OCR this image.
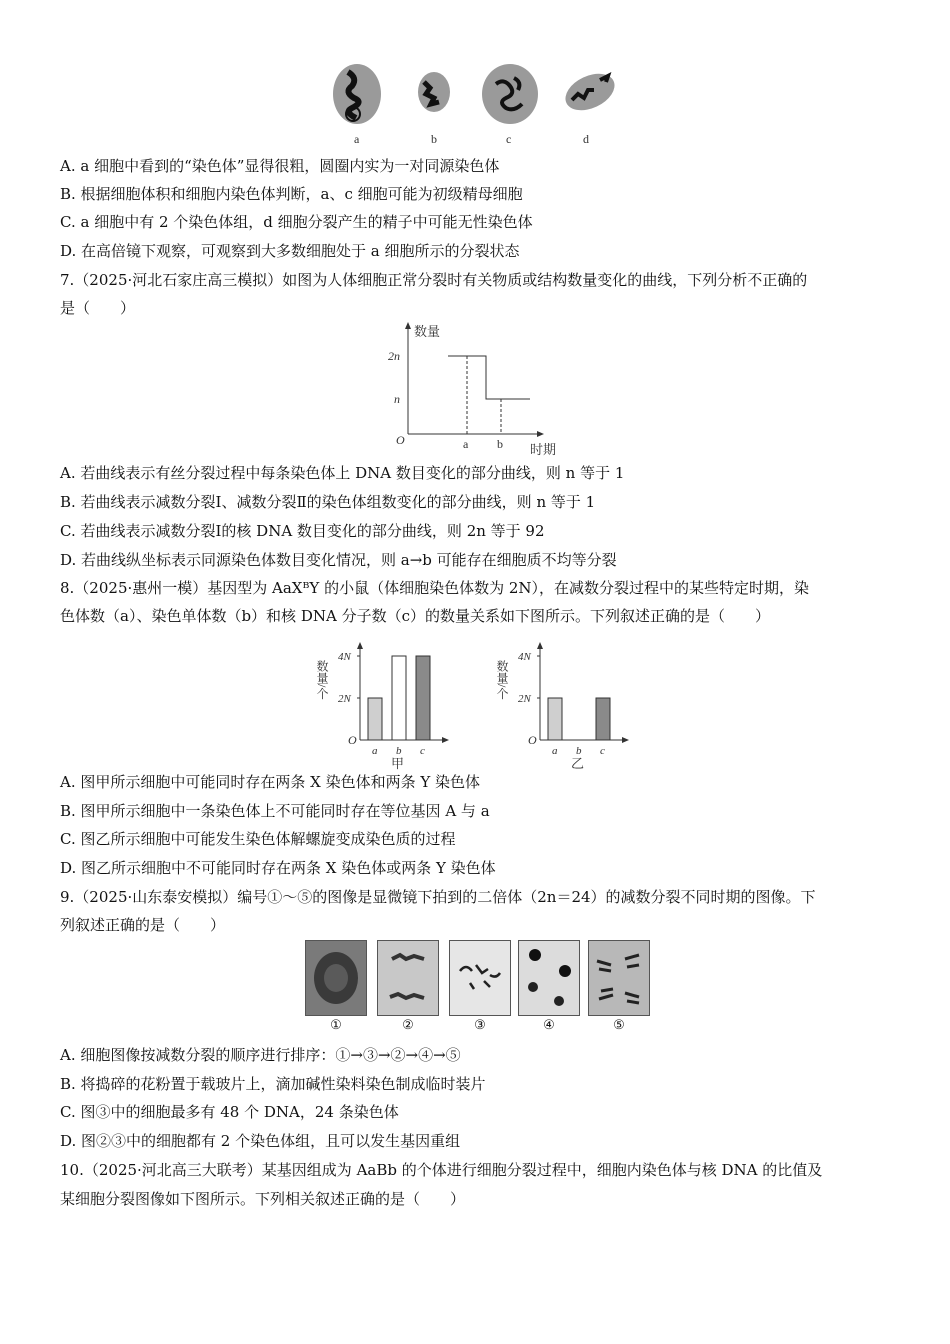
a	b	c	d
A. a 细胞中看到的“染色体”显得很粗，圆圈内实为一对同源染色体
B. 根据细胞体积和细胞内染色体判断，a、c 细胞可能为初级精母细胞
C. a 细胞中有 2 个染色体组，d 细胞分裂产生的精子中可能无性染色体
D. 在高倍镜下观察，可观察到大多数细胞处于 a 细胞所示的分裂状态
7.（2025·河北石家庄高三模拟）如图为人体细胞正常分裂时有关物质或结构数量变化的曲线，下列分析不正确的
是（　　）
数量
2n
n
O	a b 时期
A. 若曲线表示有丝分裂过程中每条染色体上 DNA 数目变化的部分曲线，则 n 等于 1
B. 若曲线表示减数分裂Ⅰ、减数分裂Ⅱ的染色体组数变化的部分曲线，则 n 等于 1
C. 若曲线表示减数分裂Ⅰ的核 DNA 数目变化的部分曲线，则 2n 等于 92
D. 若曲线纵坐标表示同源染色体数目变化情况，则 a→b 可能存在细胞质不均等分裂
8.（2025·惠州一模）基因型为 AaXᴮY 的小鼠（体细胞染色体数为 2N），在减数分裂过程中的某些特定时期，染
色体数（a）、染色单体数（b）和核 DNA 分子数（c）的数量关系如下图所示。下列叙述正确的是（　　）
2N
4N
数量/个
O
a b c
甲
2N
4N
数量/个
O
a b c
乙
A. 图甲所示细胞中可能同时存在两条 X 染色体和两条 Y 染色体
B. 图甲所示细胞中一条染色体上不可能同时存在等位基因 A 与 a
C. 图乙所示细胞中可能发生染色体解螺旋变成染色质的过程
D. 图乙所示细胞中不可能同时存在两条 X 染色体或两条 Y 染色体
9.（2025·山东泰安模拟）编号①～⑤的图像是显微镜下拍到的二倍体（2n＝24）的减数分裂不同时期的图像。下
列叙述正确的是（　　）
①	②	③	④	⑤
A. 细胞图像按减数分裂的顺序进行排序：①→③→②→④→⑤
B. 将捣碎的花粉置于载玻片上，滴加碱性染料染色制成临时装片
C. 图③中的细胞最多有 48 个 DNA，24 条染色体
D. 图②③中的细胞都有 2 个染色体组，且可以发生基因重组
10.（2025·河北高三大联考）某基因组成为 AaBb 的个体进行细胞分裂过程中，细胞内染色体与核 DNA 的比值及
某细胞分裂图像如下图所示。下列相关叙述正确的是（　　）
